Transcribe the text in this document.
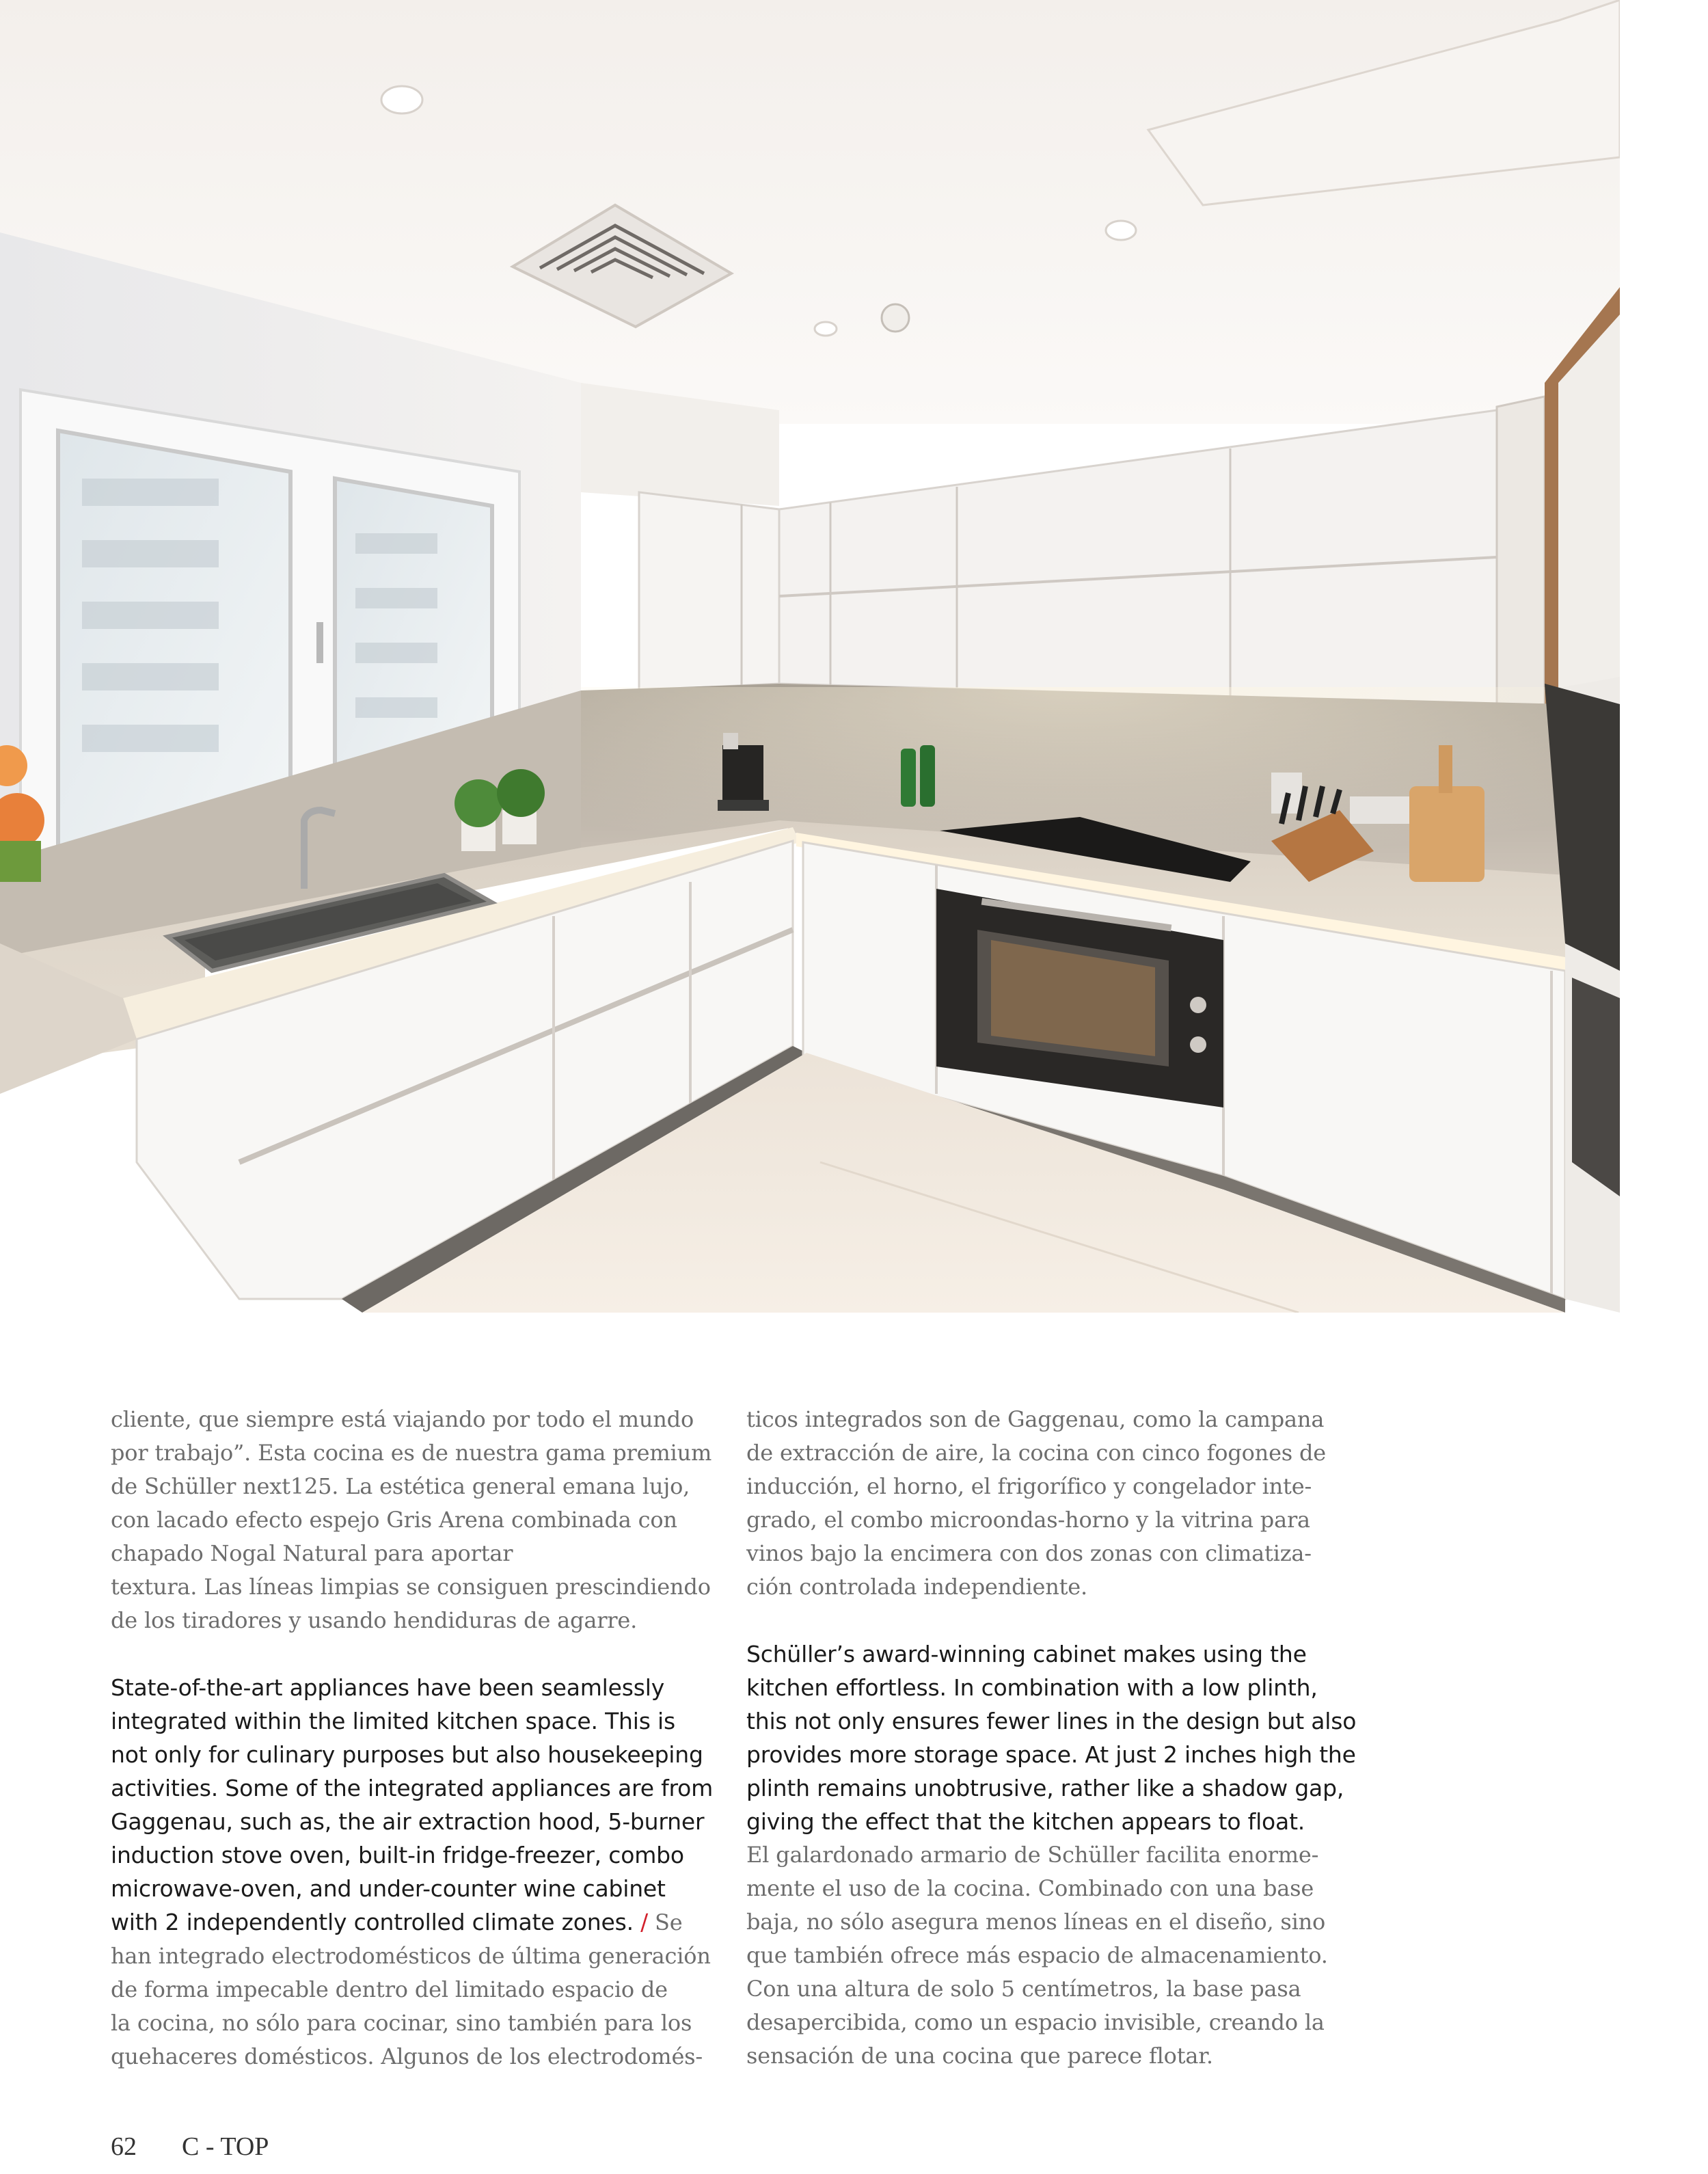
cliente, que siempre está viajando por todo el mundo
por trabajo”. Esta cocina es de nuestra gama premium
de Schüller next125. La estética general emana lujo,
con lacado efecto espejo Gris Arena combinada con
chapado Nogal Natural para aportar
textura. Las líneas limpias se consiguen prescindiendo
de los tiradores y usando hendiduras de agarre.

State-of-the-art appliances have been seamlessly
integrated within the limited kitchen space. This is
not only for culinary purposes but also housekeeping
activities. Some of the integrated appliances are from
Gaggenau, such as, the air extraction hood, 5-burner
induction stove oven, built-in fridge-freezer, combo
microwave-oven, and under-counter wine cabinet
with 2 independently controlled climate zones. / Se
han integrado electrodomésticos de última generación
de forma impecable dentro del limitado espacio de
la cocina, no sólo para cocinar, sino también para los
quehaceres domésticos. Algunos de los electrodomés-

ticos integrados son de Gaggenau, como la campana
de extracción de aire, la cocina con cinco fogones de
inducción, el horno, el frigorífico y congelador inte-
grado, el combo microondas-horno y la vitrina para
vinos bajo la encimera con dos zonas con climatiza-
ción controlada independiente.

Schüller’s award-winning cabinet makes using the
kitchen effortless. In combination with a low plinth,
this not only ensures fewer lines in the design but also
provides more storage space. At just 2 inches high the
plinth remains unobtrusive, rather like a shadow gap,
giving the effect that the kitchen appears to float.
El galardonado armario de Schüller facilita enorme-
mente el uso de la cocina. Combinado con una base
baja, no sólo asegura menos líneas en el diseño, sino
que también ofrece más espacio de almacenamiento.
Con una altura de solo 5 centímetros, la base pasa
desapercibida, como un espacio invisible, creando la
sensación de una cocina que parece flotar.

62 C - TOP
